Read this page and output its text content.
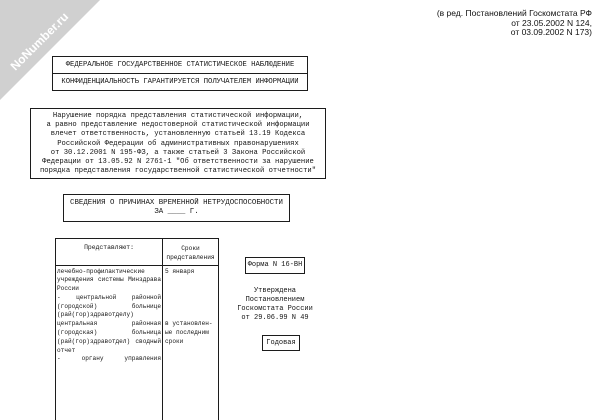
NoNumber.ru	(в ред. Постановлений Госкомстата РФ
от 23.05.2002 N 124,
от 03.09.2002 N 173)
ФЕДЕРАЛЬНОЕ ГОСУДАРСТВЕННОЕ СТАТИСТИЧЕСКОЕ НАБЛЮДЕНИЕ
КОНФИДЕНЦИАЛЬНОСТЬ ГАРАНТИРУЕТСЯ ПОЛУЧАТЕЛЕМ ИНФОРМАЦИИ
Нарушение порядка представления статистической информации,
а равно представление недостоверной статистической информации
влечет ответственность, установленную статьей 13.19 Кодекса
Российской Федерации об административных правонарушениях
от 30.12.2001 N 195-ФЗ, а также статьей 3 Закона Российской
Федерации от 13.05.92 N 2761-1 "Об ответственности за нарушение
порядка представления государственной статистической отчетности"
СВЕДЕНИЯ О ПРИЧИНАХ ВРЕМЕННОЙ НЕТРУДОСПОСОБНОСТИ
ЗА ____ Г.
Представляют:	Сроки
представления
лечебно-профилактические
учреждения системы Минздрава
России
- центральной районной
(городской) больнице
(рай(гор)здравотделу)
центральная районная
(городская) больница
(рай(гор)здравотдел) сводный
отчет
- органу управления
5 января
в установлен-
ые последним
сроки
Форма N 16-ВН
Утверждена
Постановлением
Госкомстата России
от 29.06.99 N 49
Годовая
